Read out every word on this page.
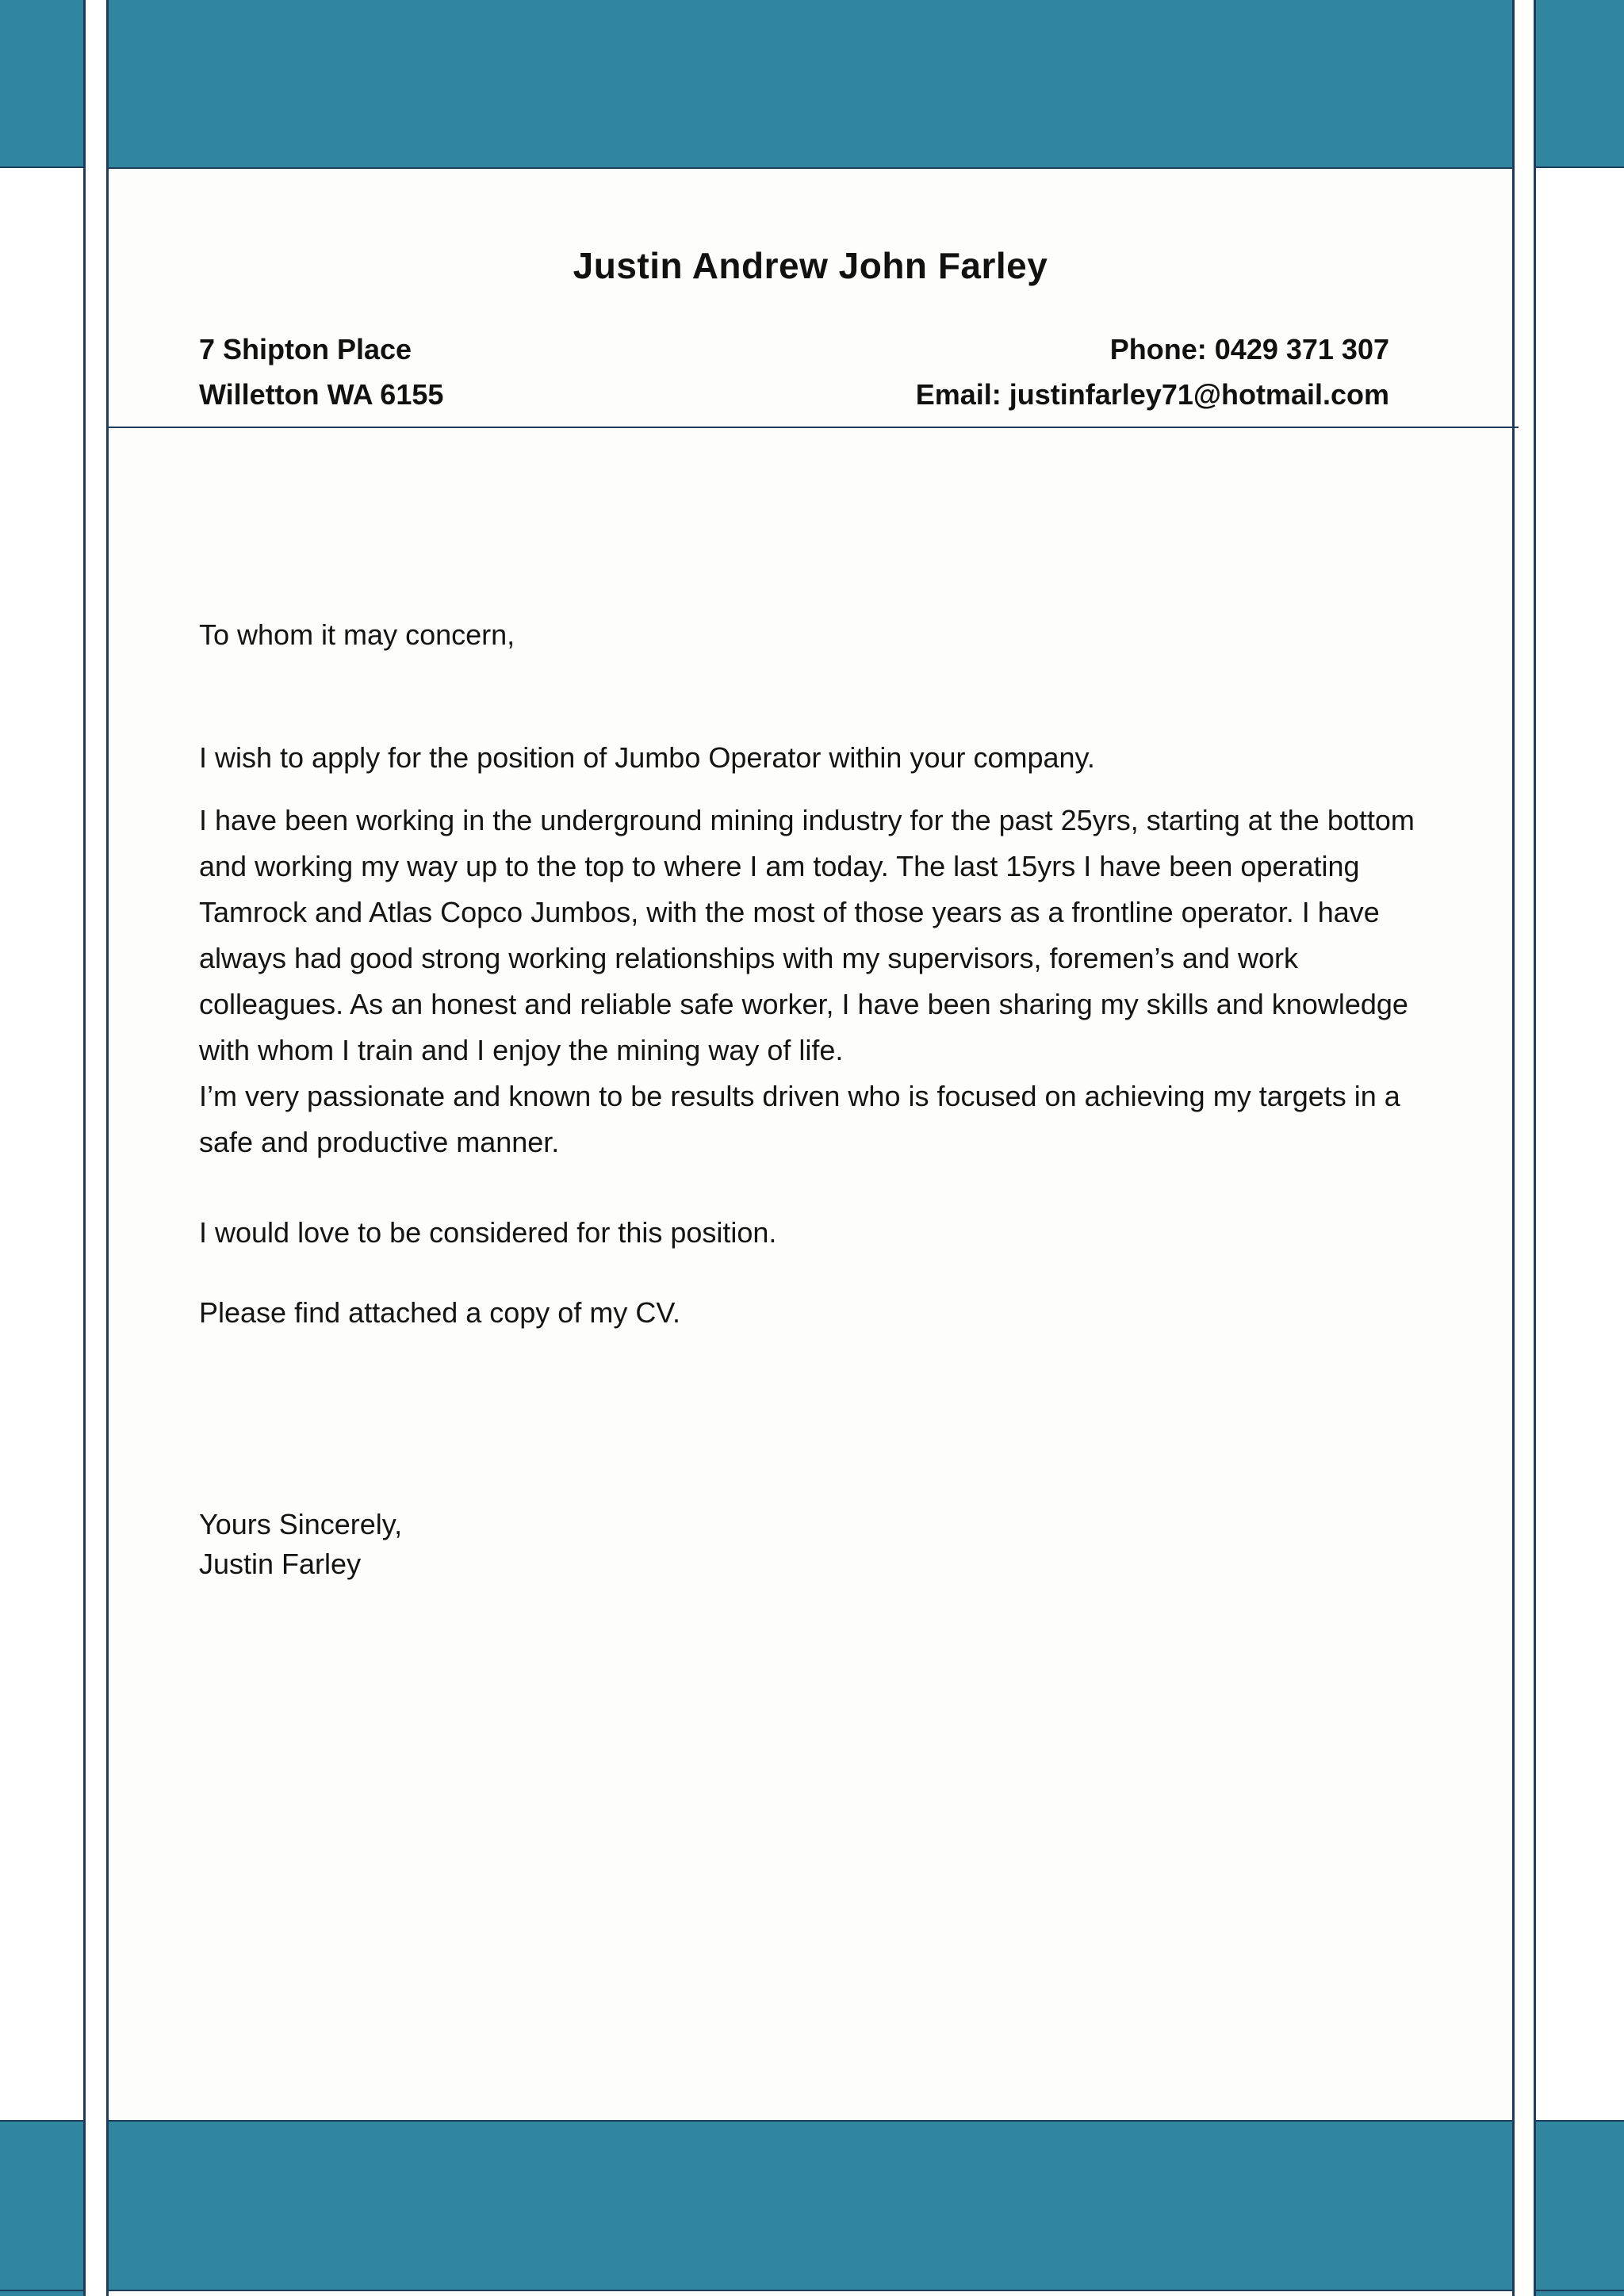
Justin Andrew John Farley
7 Shipton Place
Willetton WA 6155
Phone: 0429 371 307
Email: justinfarley71@hotmail.com

To whom it may concern,

I wish to apply for the position of Jumbo Operator within your company.

I have been working in the underground mining industry for the past 25yrs, starting at the bottom and working my way up to the top to where I am today. The last 15yrs I have been operating Tamrock and Atlas Copco Jumbos, with the most of those years as a frontline operator. I have always had good strong working relationships with my supervisors, foremen’s and work colleagues. As an honest and reliable safe worker, I have been sharing my skills and knowledge with whom I train and I enjoy the mining way of life.

I’m very passionate and known to be results driven who is focused on achieving my targets in a safe and productive manner.

I would love to be considered for this position.

Please find attached a copy of my CV.

Yours Sincerely,

Justin Farley
